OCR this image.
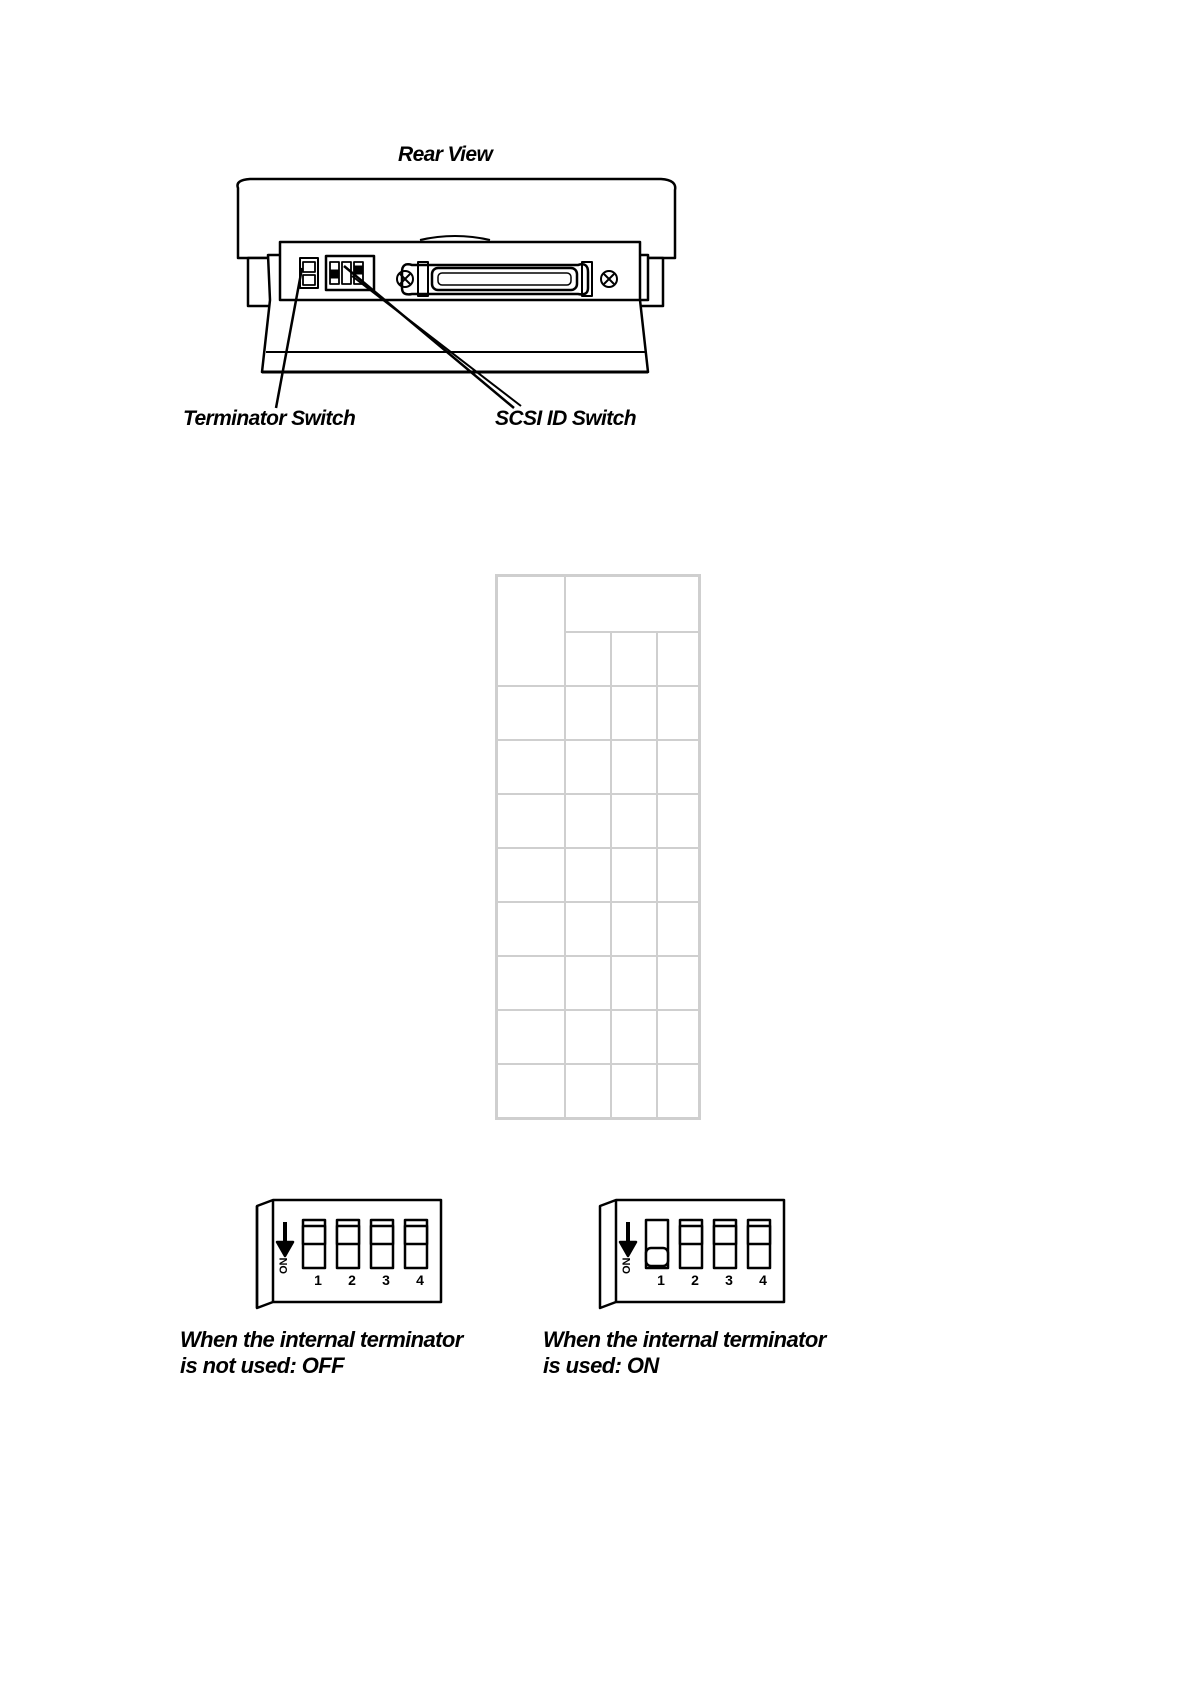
Rear View
Terminator Switch	SCSI ID Switch

ON
1	2	3	4
When the internal terminator
is not used: OFF
ON
1	2	3	4
When the internal terminator
is used: ON
